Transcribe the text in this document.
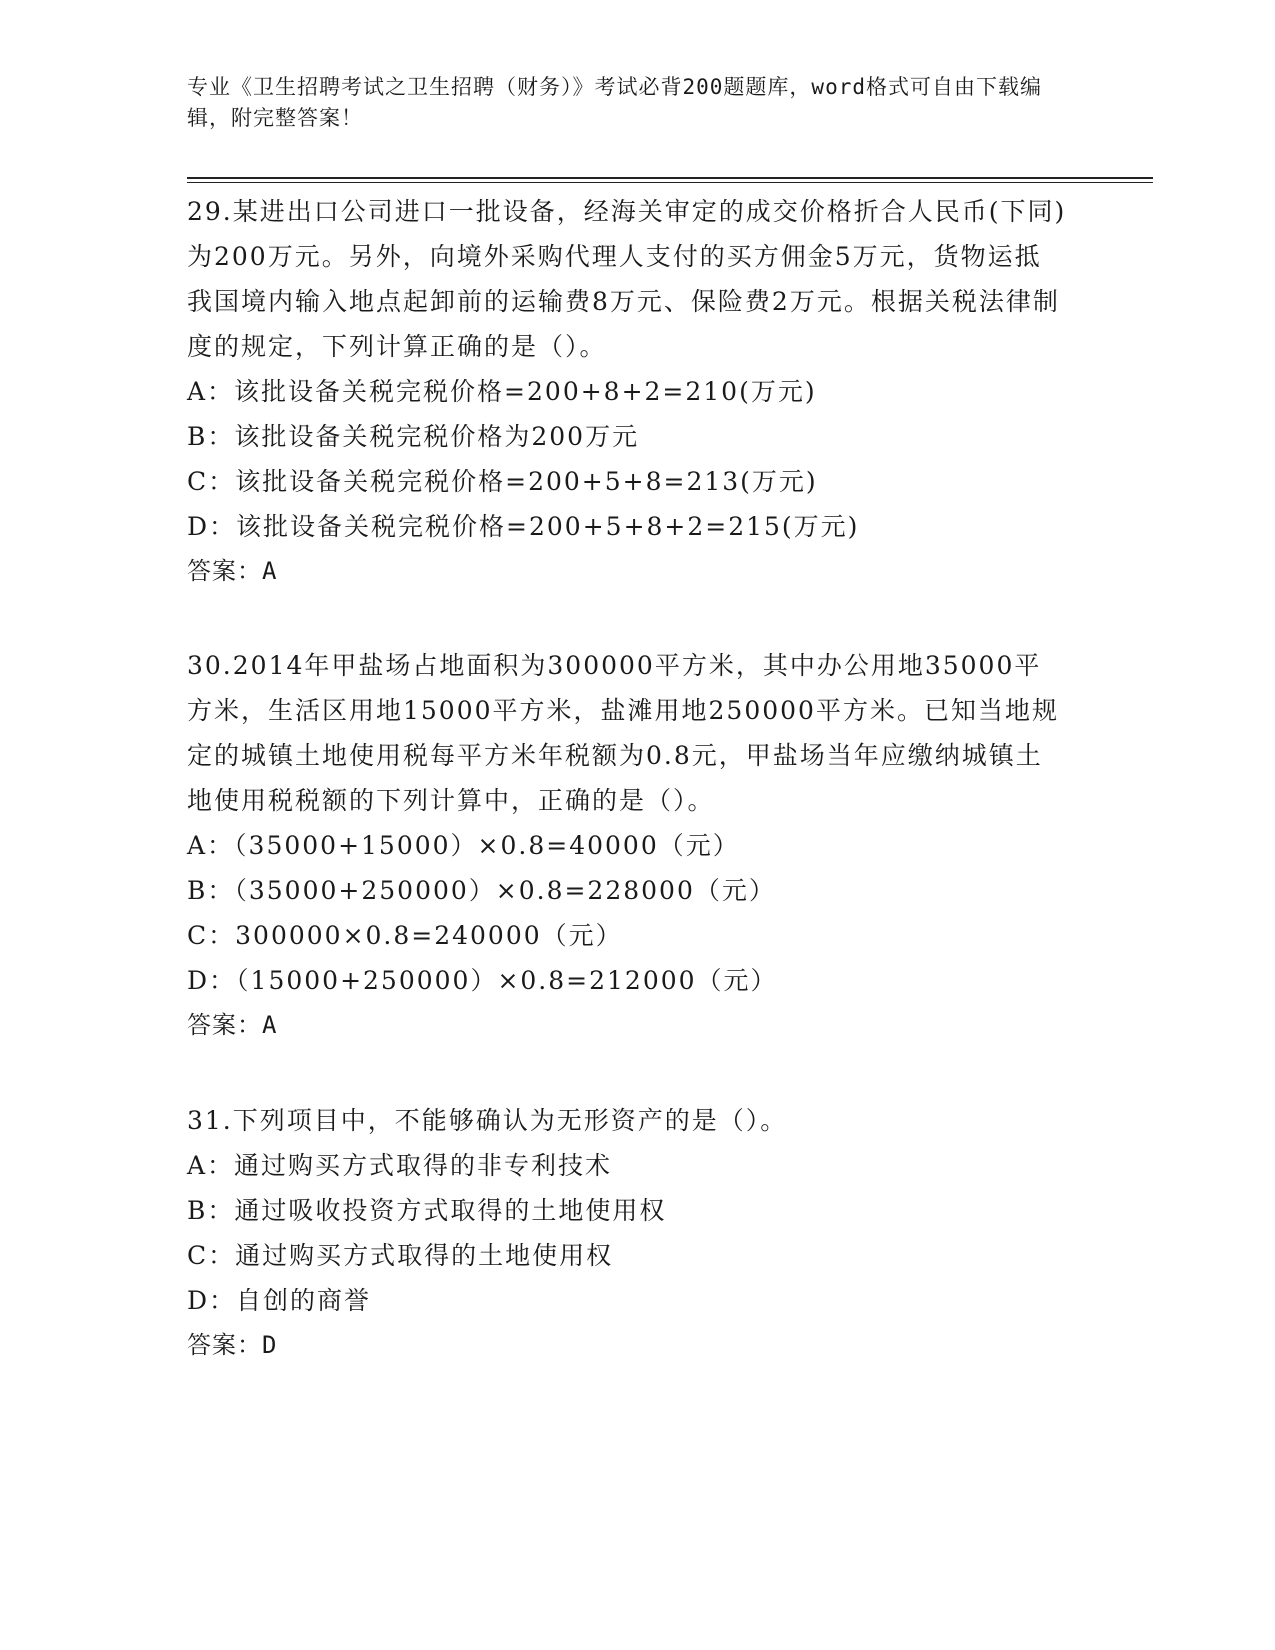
专业《卫生招聘考试之卫生招聘（财务）》考试必背200题题库，word格式可自由下载编辑，附完整答案！

29.某进出口公司进口一批设备，经海关审定的成交价格折合人民币(下同)为200万元。另外，向境外采购代理人支付的买方佣金5万元，货物运抵我国境内输入地点起卸前的运输费8万元、保险费2万元。根据关税法律制度的规定，下列计算正确的是（）。

A：该批设备关税完税价格=200+8+2=210(万元)

B：该批设备关税完税价格为200万元

C：该批设备关税完税价格=200+5+8=213(万元)

D：该批设备关税完税价格=200+5+8+2=215(万元)

答案：A

30.2014年甲盐场占地面积为300000平方米，其中办公用地35000平方米，生活区用地15000平方米，盐滩用地250000平方米。已知当地规定的城镇土地使用税每平方米年税额为0.8元，甲盐场当年应缴纳城镇土地使用税税额的下列计算中，正确的是（）。

A：（35000+15000）×0.8=40000（元）

B：（35000+250000）×0.8=228000（元）

C：300000×0.8=240000（元）

D：（15000+250000）×0.8=212000（元）

答案：A

31.下列项目中，不能够确认为无形资产的是（）。

A：通过购买方式取得的非专利技术

B：通过吸收投资方式取得的土地使用权

C：通过购买方式取得的土地使用权

D：自创的商誉

答案：D
